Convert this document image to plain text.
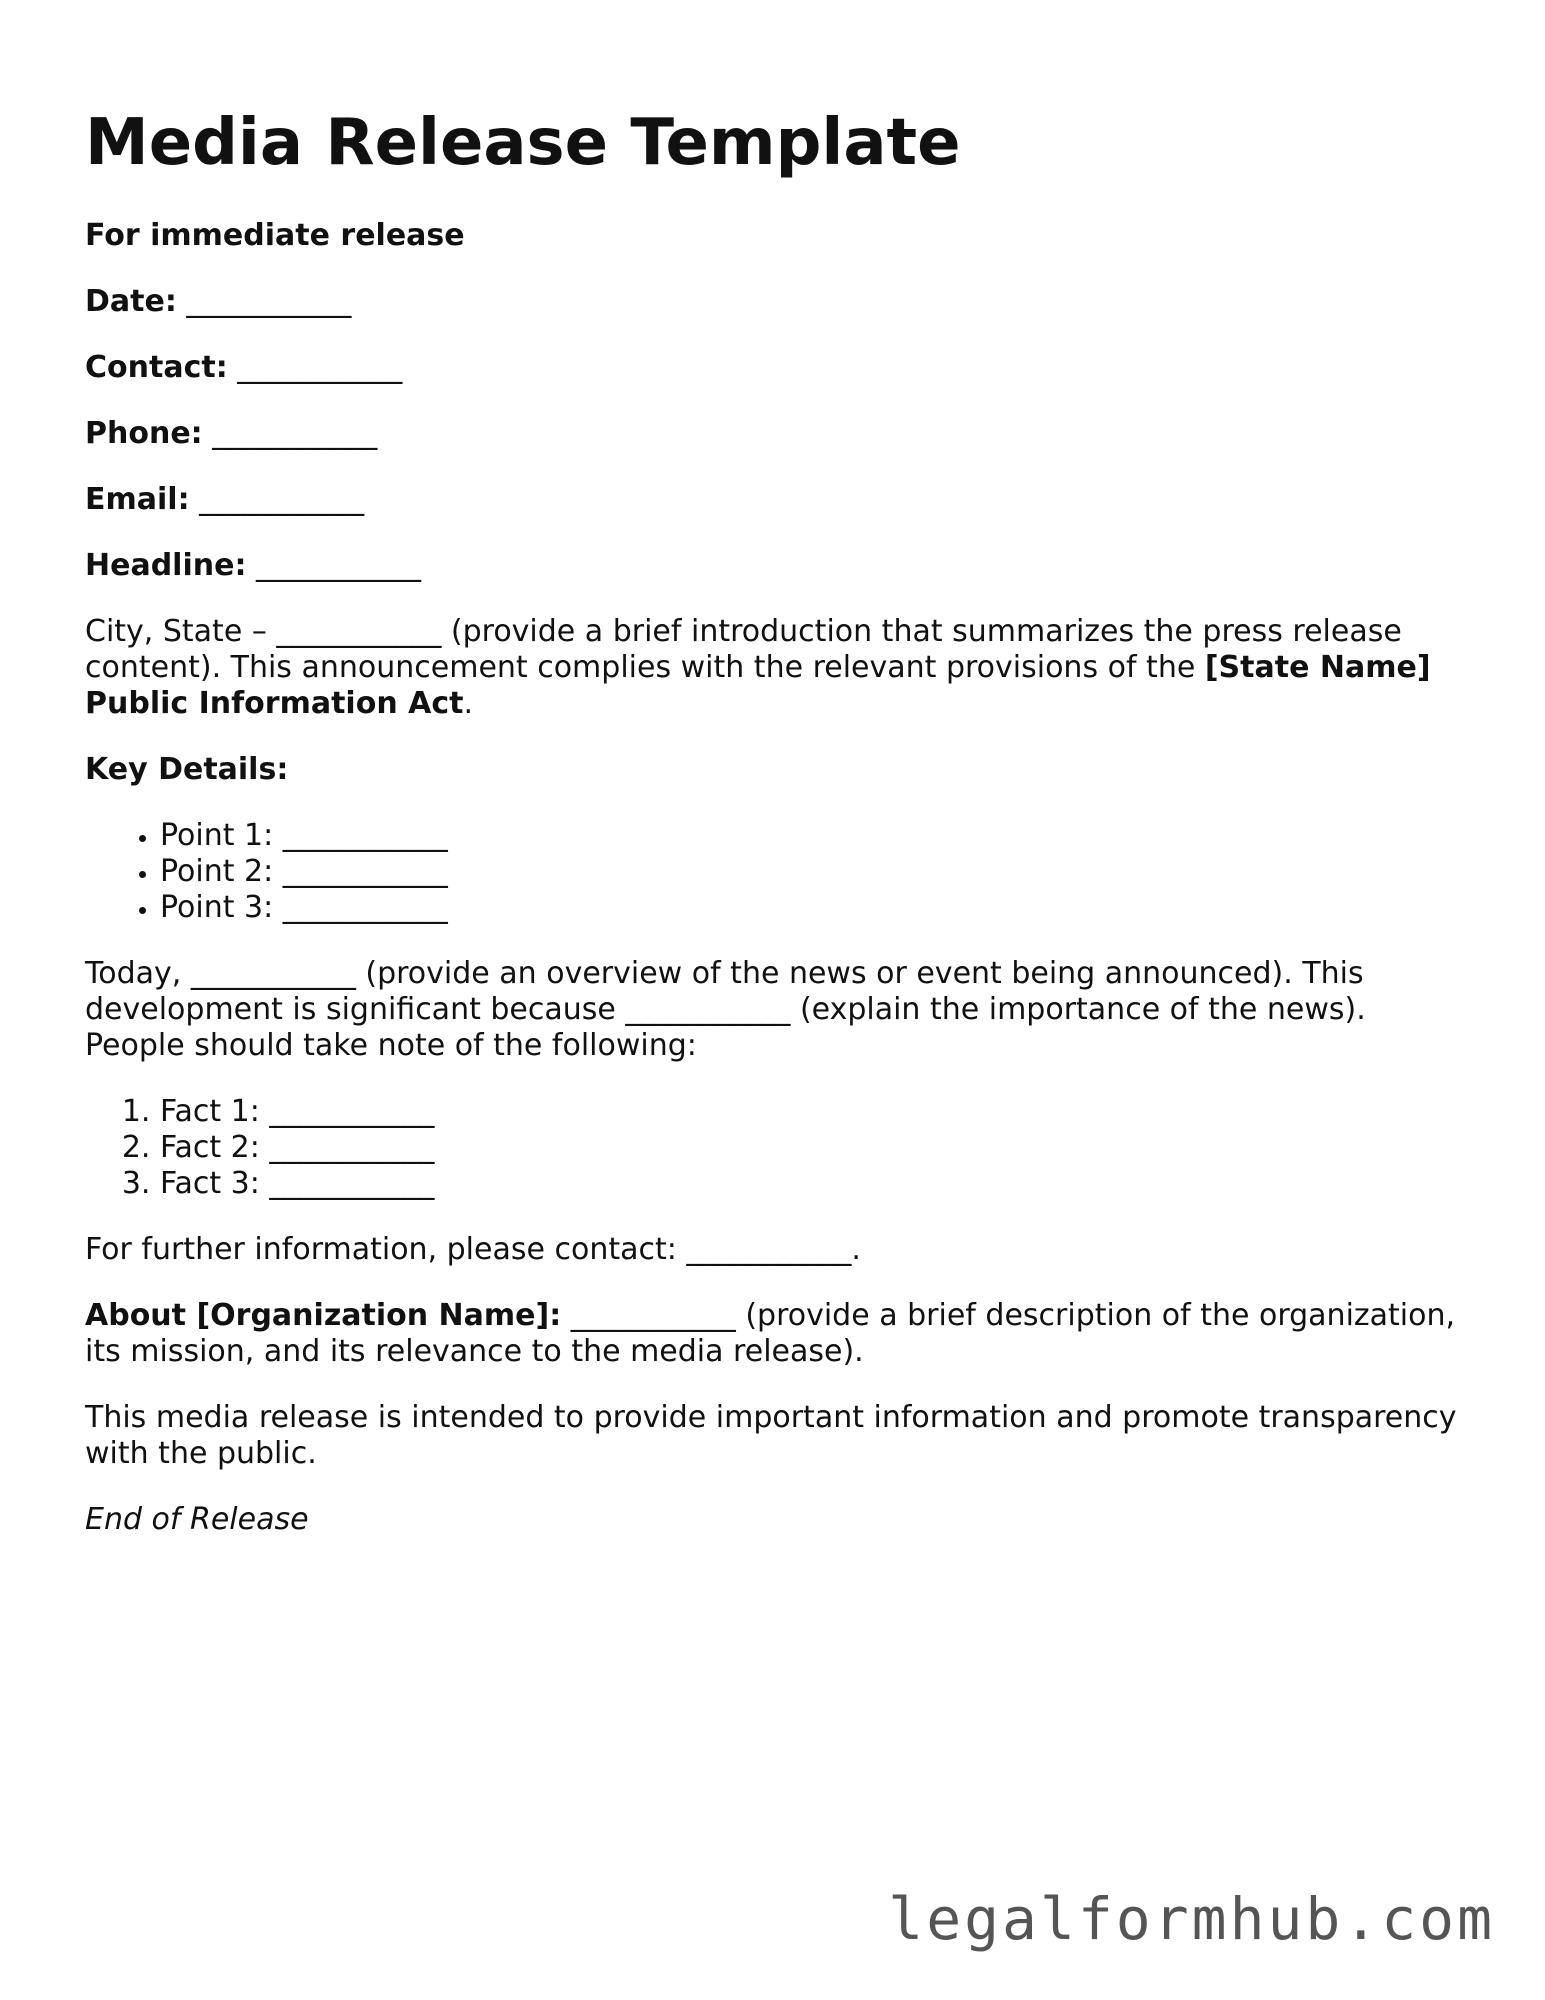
Media Release Template

For immediate release

Date: ___________

Contact: ___________

Phone: ___________

Email: ___________

Headline: ___________

City, State – ___________ (provide a brief introduction that summarizes the press release content). This announcement complies with the relevant provisions of the [State Name] Public Information Act.

Key Details:

• Point 1: ___________
• Point 2: ___________
• Point 3: ___________

Today, ___________ (provide an overview of the news or event being announced). This development is significant because ___________ (explain the importance of the news). People should take note of the following:

1. Fact 1: ___________
2. Fact 2: ___________
3. Fact 3: ___________

For further information, please contact: ___________.

About [Organization Name]: ___________ (provide a brief description of the organization, its mission, and its relevance to the media release).

This media release is intended to provide important information and promote transparency with the public.

End of Release

legalformhub.com
